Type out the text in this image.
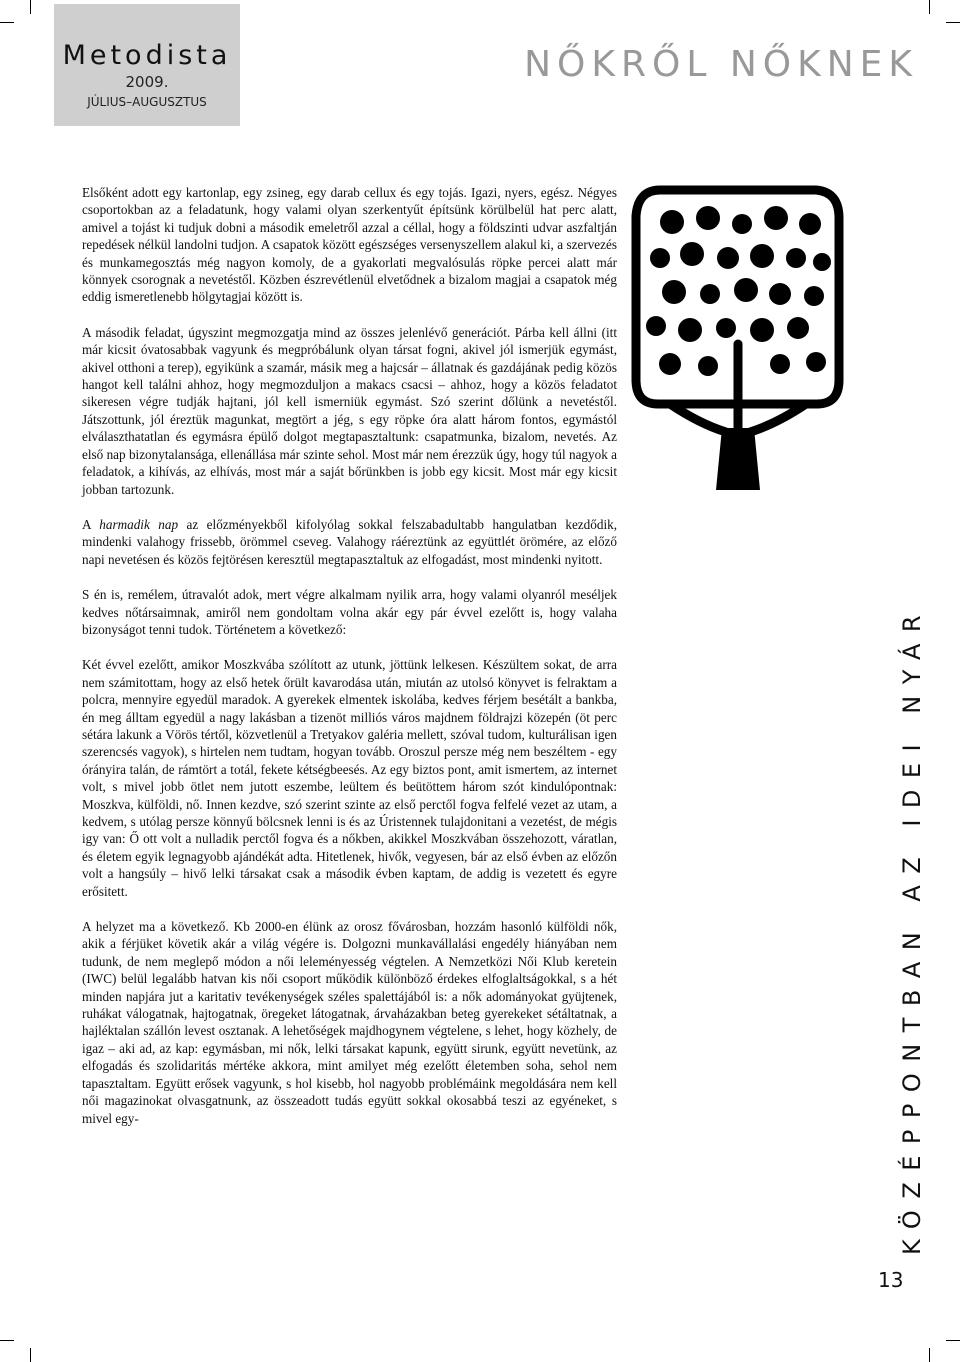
Metodista
2009.
JÚLIUS–AUGUSZTUS
NŐKRŐL NŐKNEK

Elsőként adott egy kartonlap, egy zsineg, egy darab cellux és egy tojás. Igazi, nyers, egész. Négyes csoportokban az a feladatunk, hogy valami olyan szerkentyűt építsünk körülbelül hat perc alatt, amivel a tojást ki tudjuk dobni a második emeletről azzal a céllal, hogy a földszinti udvar aszfaltján repedések nélkül landolni tudjon. A csapatok között egészséges versenyszellem alakul ki, a szervezés és munkamegosztás még nagyon komoly, de a gyakorlati megvalósulás röpke percei alatt már könnyek csorognak a nevetéstől. Közben észrevétlenül elvetődnek a bizalom magjai a csapatok még eddig ismeretlenebb hölgytagjai között is.

A második feladat, úgyszint megmozgatja mind az összes jelenlévő generációt. Párba kell állni (itt már kicsit óvatosabbak vagyunk és megpróbálunk olyan társat fogni, akivel jól ismerjük egymást, akivel otthoni a terep), egyikünk a szamár, másik meg a hajcsár – állatnak és gazdájának pedig közös hangot kell találni ahhoz, hogy megmozduljon a makacs csacsi – ahhoz, hogy a közös feladatot sikeresen végre tudják hajtani, jól kell ismerniük egymást. Szó szerint dőlünk a nevetéstől. Játszottunk, jól éreztük magunkat, megtört a jég, s egy röpke óra alatt három fontos, egymástól elválaszthatatlan és egymásra épülő dolgot megtapasztaltunk: csapatmunka, bizalom, nevetés. Az első nap bizonytalansága, ellenállása már szinte sehol. Most már nem érezzük úgy, hogy túl nagyok a feladatok, a kihívás, az elhívás, most már a saját bőrünkben is jobb egy kicsit. Most már egy kicsit jobban tartozunk.

A harmadik nap az előzményekből kifolyólag sokkal felszabadultabb hangulatban kezdődik, mindenki valahogy frissebb, örömmel cseveg. Valahogy ráéreztünk az együttlét örömére, az előző napi nevetésen és közös fejtörésen keresztül megtapasztaltuk az elfogadást, most mindenki nyitott.

S én is, remélem, útravalót adok, mert végre alkalmam nyilik arra, hogy valami olyanról meséljek kedves nőtársaimnak, amiről nem gondoltam volna akár egy pár évvel ezelőtt is, hogy valaha bizonyságot tenni tudok. Történetem a következő:

Két évvel ezelőtt, amikor Moszkvába szólított az utunk, jöttünk lelkesen. Készültem sokat, de arra nem számitottam, hogy az első hetek őrült kavarodása után, miután az utolsó könyvet is felraktam a polcra, mennyire egyedül maradok. A gyerekek elmentek iskolába, kedves férjem besétált a bankba, én meg álltam egyedül a nagy lakásban a tizenöt milliós város majdnem földrajzi közepén (öt perc sétára lakunk a Vörös tértől, közvetlenül a Tretyakov galéria mellett, szóval tudom, kulturálisan igen szerencsés vagyok), s hirtelen nem tudtam, hogyan tovább. Oroszul persze még nem beszéltem - egy órányira talán, de rámtört a totál, fekete kétségbeesés. Az egy biztos pont, amit ismertem, az internet volt, s mivel jobb ötlet nem jutott eszembe, leültem és beütöttem három szót kindulópontnak: Moszkva, külföldi, nő. Innen kezdve, szó szerint szinte az első perctől fogva felfelé vezet az utam, a kedvem, s utólag persze könnyű bölcsnek lenni is és az Úristennek tulajdonitani a vezetést, de mégis igy van: Ő ott volt a nulladik perctől fogva és a nőkben, akikkel Moszkvában összehozott, váratlan, és életem egyik legnagyobb ajándékát adta. Hitetlenek, hivők, vegyesen, bár az első évben az előzőn volt a hangsúly – hivő lelki társakat csak a második évben kaptam, de addig is vezetett és egyre erősitett.

A helyzet ma a következő. Kb 2000-en élünk az orosz fővárosban, hozzám hasonló külföldi nők, akik a férjüket követik akár a világ végére is. Dolgozni munkavállalási engedély hiányában nem tudunk, de nem meglepő módon a női leleményesség végtelen. A Nemzetközi Női Klub keretein (IWC) belül legalább hatvan kis női csoport működik különböző érdekes elfoglaltságokkal, s a hét minden napjára jut a karitativ tevékenységek széles spalettájából is: a nők adományokat gyüjtenek, ruhákat válogatnak, hajtogatnak, öregeket látogatnak, árvaházakban beteg gyerekeket sétáltatnak, a hajléktalan szállón levest osztanak. A lehetőségek majdhogynem végtelene, s lehet, hogy közhely, de igaz – aki ad, az kap: egymásban, mi nők, lelki társakat kapunk, együtt sirunk, együtt nevetünk, az elfogadás és szolidaritás mértéke akkora, mint amilyet még ezelőtt életemben soha, sehol nem tapasztaltam. Együtt erősek vagyunk, s hol kisebb, hol nagyobb problémáink megoldására nem kell női magazinokat olvasgatnunk, az összeadott tudás együtt sokkal okosabbá teszi az egyéneket, s mivel egy-	KÖZÉPPONTBAN AZ IDEI NYÁR
13
